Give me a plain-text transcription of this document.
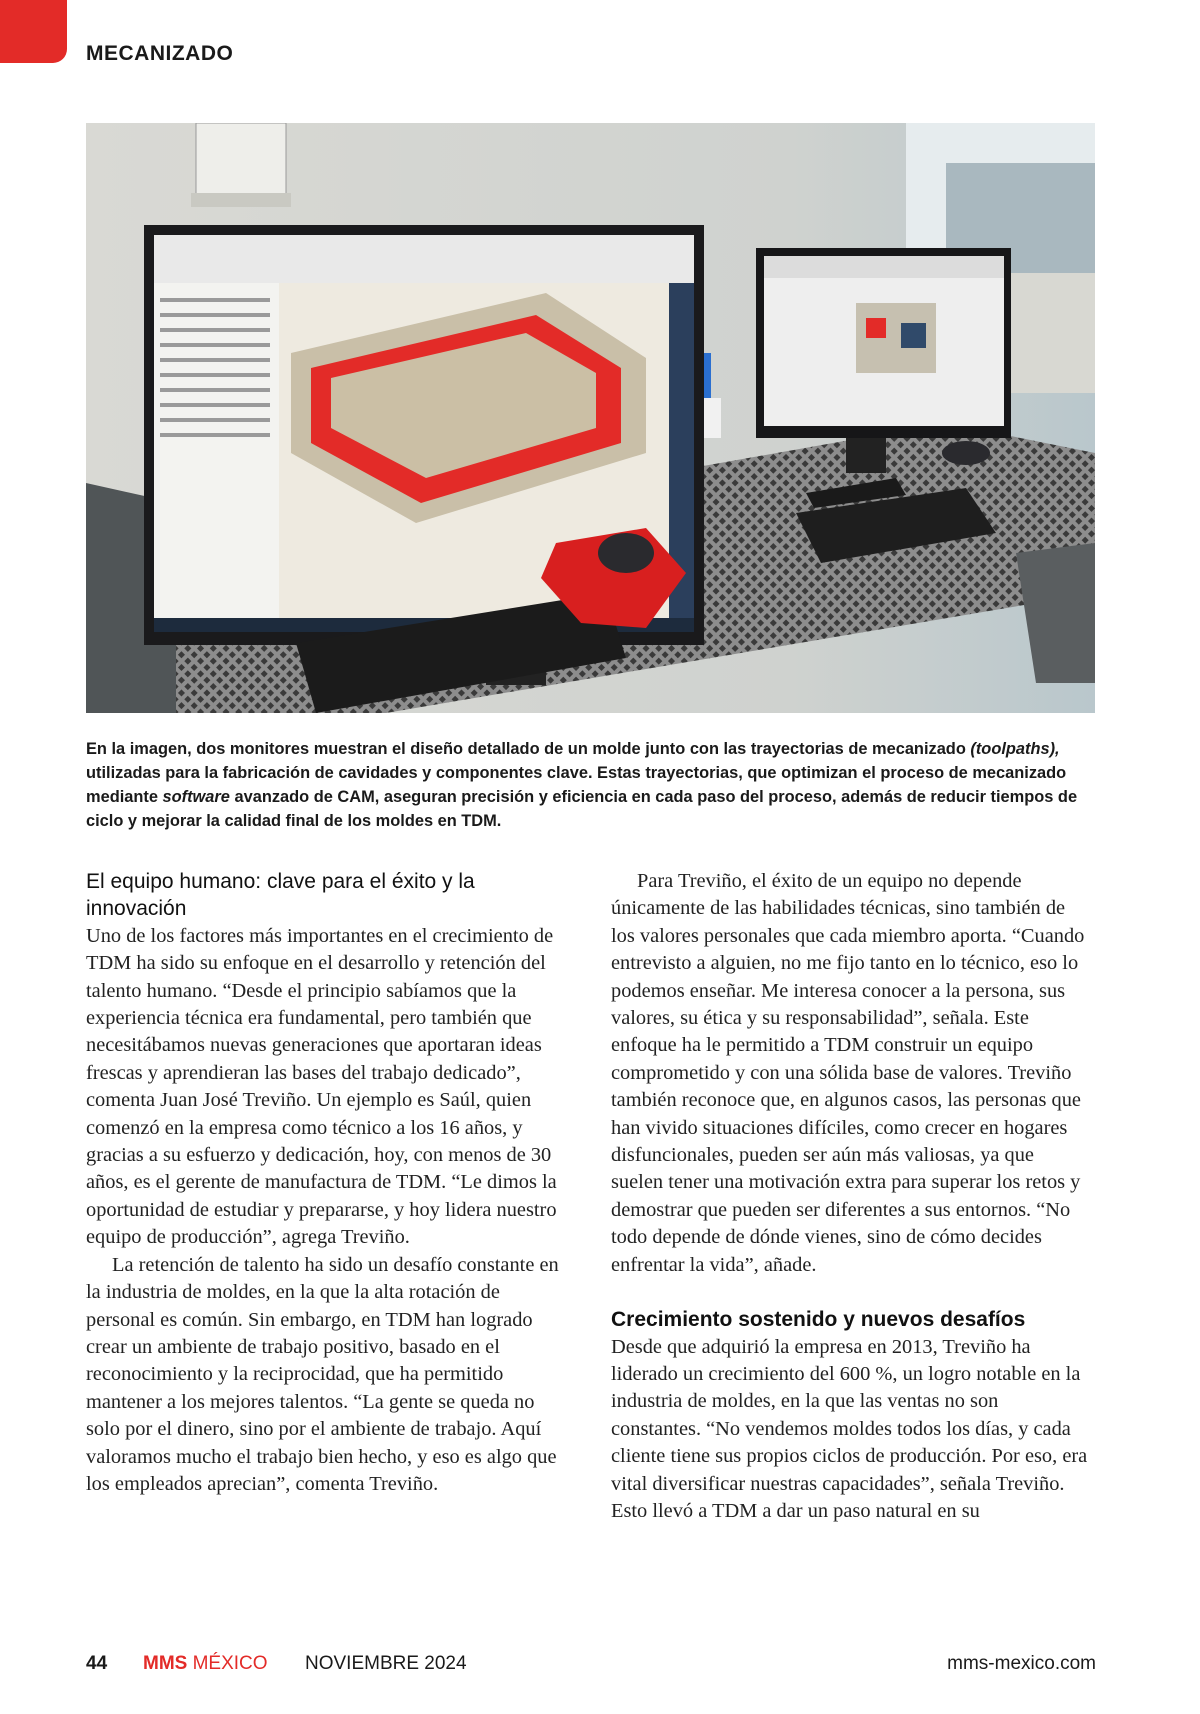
MECANIZADO
En la imagen, dos monitores muestran el diseño detallado de un molde junto con las trayectorias de mecanizado (toolpaths), utilizadas para la fabricación de cavidades y componentes clave. Estas trayectorias, que optimizan el proceso de mecanizado mediante software avanzado de CAM, aseguran precisión y eficiencia en cada paso del proceso, además de reducir tiempos de ciclo y mejorar la calidad final de los moldes en TDM.
El equipo humano: clave para el éxito y la innovación

Uno de los factores más importantes en el crecimiento de TDM ha sido su enfoque en el desarrollo y retención del talento humano. “Desde el principio sabíamos que la experiencia técnica era fundamental, pero también que necesitábamos nuevas generaciones que aportaran ideas frescas y aprendieran las bases del trabajo dedicado”, comenta Juan José Treviño. Un ejemplo es Saúl, quien comenzó en la empresa como técnico a los 16 años, y gracias a su esfuerzo y dedicación, hoy, con menos de 30 años, es el gerente de manufactura de TDM. “Le dimos la oportunidad de estudiar y prepararse, y hoy lidera nuestro equipo de producción”, agrega Treviño.

La retención de talento ha sido un desafío constante en la industria de moldes, en la que la alta rotación de personal es común. Sin embargo, en TDM han logrado crear un ambiente de trabajo positivo, basado en el reconocimiento y la reciprocidad, que ha permitido mantener a los mejores talentos. “La gente se queda no solo por el dinero, sino por el ambiente de trabajo. Aquí valoramos mucho el trabajo bien hecho, y eso es algo que los empleados aprecian”, comenta Treviño.

Para Treviño, el éxito de un equipo no depende únicamente de las habilidades técnicas, sino también de los valores personales que cada miembro aporta. “Cuando entrevisto a alguien, no me fijo tanto en lo técnico, eso lo podemos enseñar. Me interesa conocer a la persona, sus valores, su ética y su responsabilidad”, señala. Este enfoque ha le permitido a TDM construir un equipo comprometido y con una sólida base de valores. Treviño también reconoce que, en algunos casos, las personas que han vivido situaciones difíciles, como crecer en hogares disfuncionales, pueden ser aún más valiosas, ya que suelen tener una motivación extra para superar los retos y demostrar que pueden ser diferentes a sus entornos. “No todo depende de dónde vienes, sino de cómo decides enfrentar la vida”, añade.

Crecimiento sostenido y nuevos desafíos

Desde que adquirió la empresa en 2013, Treviño ha liderado un crecimiento del 600 %, un logro notable en la industria de moldes, en la que las ventas no son constantes. “No vendemos moldes todos los días, y cada cliente tiene sus propios ciclos de producción. Por eso, era vital diversificar nuestras capacidades”, señala Treviño.

Esto llevó a TDM a dar un paso natural en su

44 MMS MÉXICO NOVIEMBRE 2024	mms-mexico.com
